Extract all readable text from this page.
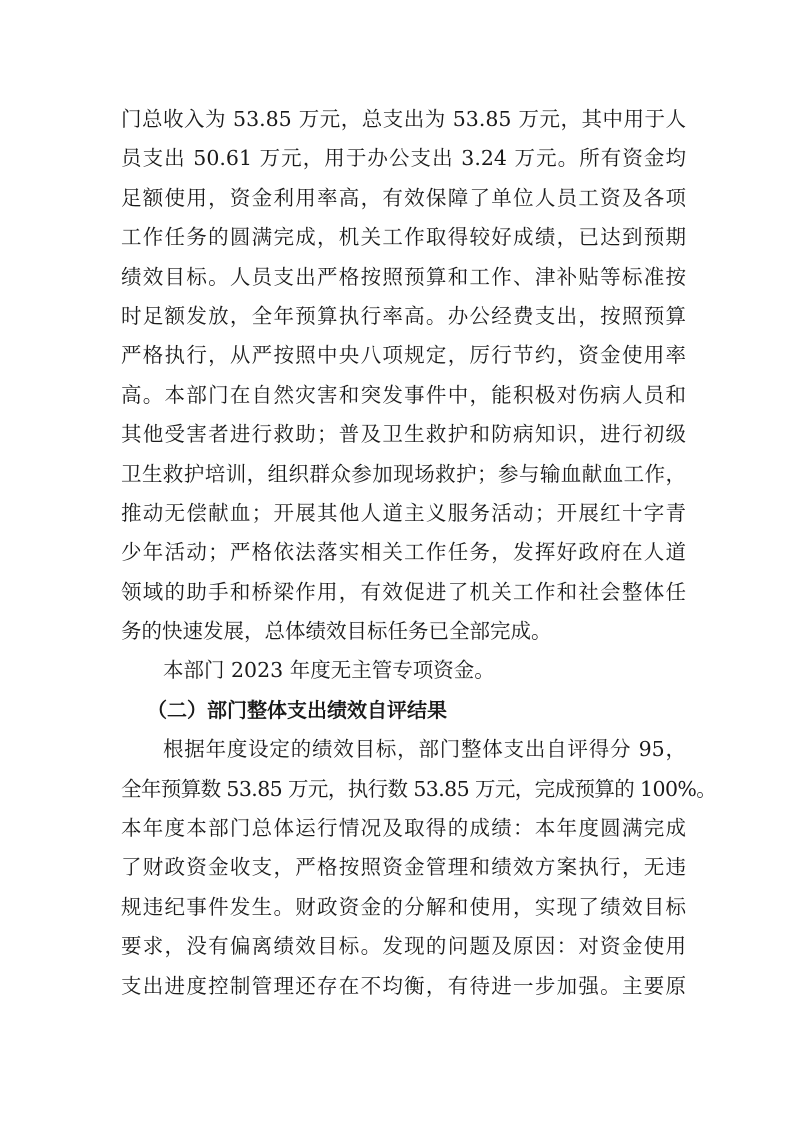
门总收入为 53.85 万元，总支出为 53.85 万元，其中用于人
员支出 50.61 万元，用于办公支出 3.24 万元。所有资金均
足额使用，资金利用率高，有效保障了单位人员工资及各项
工作任务的圆满完成，机关工作取得较好成绩，已达到预期
绩效目标。人员支出严格按照预算和工作、津补贴等标准按
时足额发放，全年预算执行率高。办公经费支出，按照预算
严格执行，从严按照中央八项规定，厉行节约，资金使用率
高。本部门在自然灾害和突发事件中，能积极对伤病人员和
其他受害者进行救助；普及卫生救护和防病知识，进行初级
卫生救护培训，组织群众参加现场救护；参与输血献血工作，
推动无偿献血；开展其他人道主义服务活动；开展红十字青
少年活动；严格依法落实相关工作任务，发挥好政府在人道
领域的助手和桥梁作用，有效促进了机关工作和社会整体任
务的快速发展，总体绩效目标任务已全部完成。
本部门 2023 年度无主管专项资金。
（二）部门整体支出绩效自评结果
根据年度设定的绩效目标，部门整体支出自评得分 95，
全年预算数 53.85 万元，执行数 53.85 万元，完成预算的 100%。
本年度本部门总体运行情况及取得的成绩：本年度圆满完成
了财政资金收支，严格按照资金管理和绩效方案执行，无违
规违纪事件发生。财政资金的分解和使用，实现了绩效目标
要求，没有偏离绩效目标。发现的问题及原因：对资金使用
支出进度控制管理还存在不均衡，有待进一步加强。主要原
